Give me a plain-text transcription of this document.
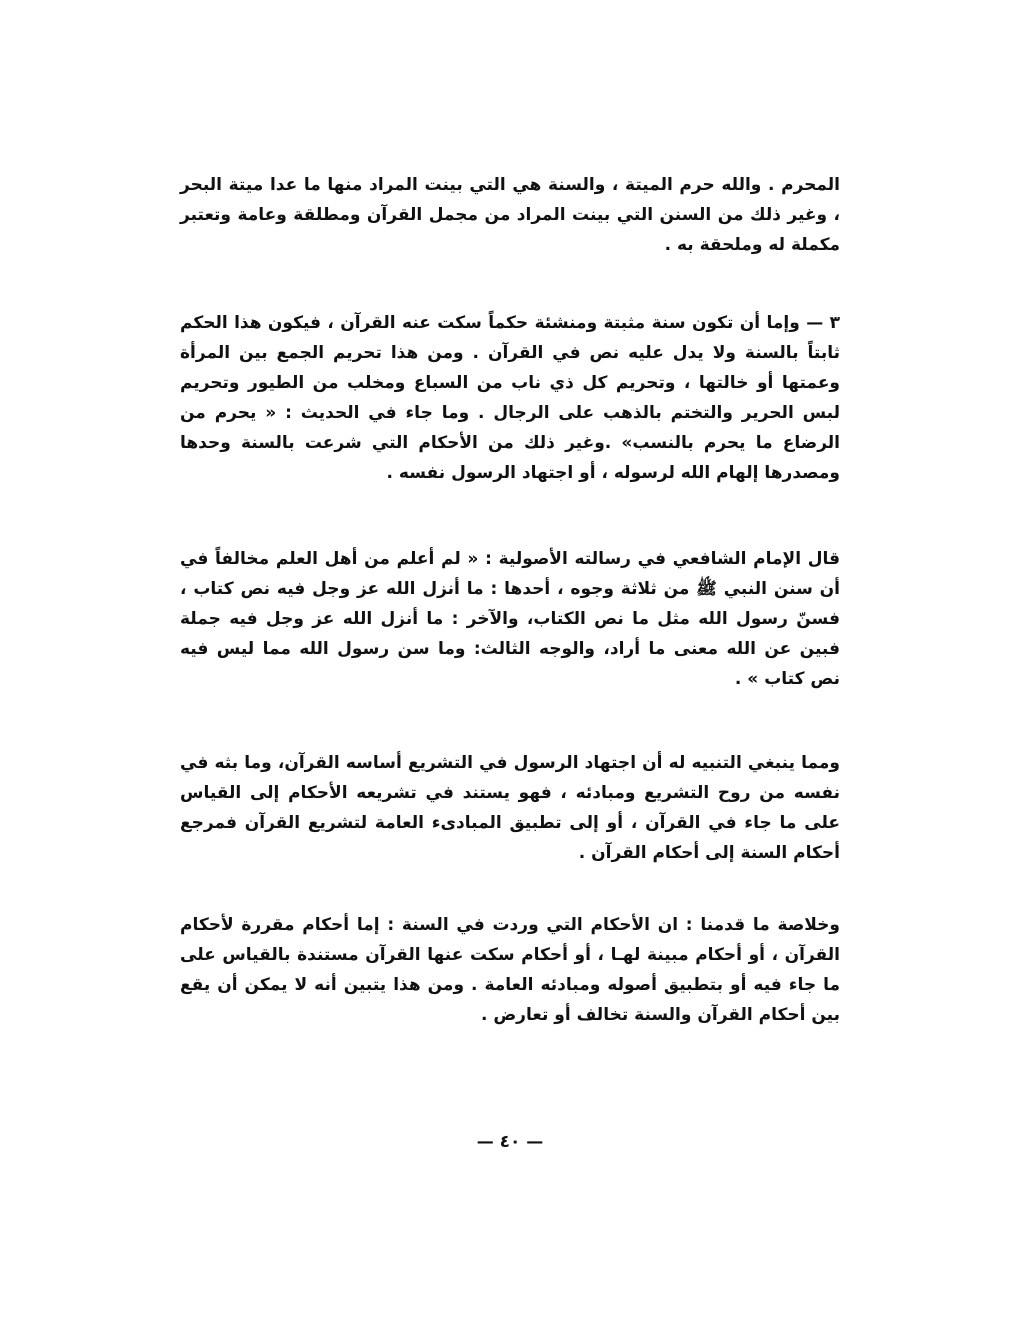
المحرم . والله حرم الميتة ، والسنة هي التي بينت المراد منها ما عدا ميتة البحر ، وغير ذلك من السنن التي بينت المراد من مجمل القرآن ومطلقة وعامة وتعتبر مكملة له وملحقة به .

٣ — وإما أن تكون سنة مثبتة ومنشئة حكماً سكت عنه القرآن ، فيكون هذا الحكم ثابتاً بالسنة ولا يدل عليه نص في القرآن . ومن هذا تحريم الجمع بين المرأة وعمتها أو خالتها ، وتحريم كل ذي ناب من السباع ومخلب من الطيور وتحريم لبس الحرير والتختم بالذهب على الرجال . وما جاء في الحديث : « يحرم من الرضاع ما يحرم بالنسب» .وغير ذلك من الأحكام التي شرعت بالسنة وحدها ومصدرها إلهام الله لرسوله ، أو اجتهاد الرسول نفسه .

قال الإمام الشافعي في رسالته الأصولية : « لم أعلم من أهل العلم مخالفاً في أن سنن النبي ﷺ من ثلاثة وجوه ، أحدها : ما أنزل الله عز وجل فيه نص كتاب ، فسنّ رسول الله مثل ما نص الكتاب، والآخر : ما أنزل الله عز وجل فيه جملة فبين عن الله معنى ما أراد، والوجه الثالث: وما سن رسول الله مما ليس فيه نص كتاب » .

ومما ينبغي التنبيه له أن اجتهاد الرسول في التشريع أساسه القرآن، وما بثه في نفسه من روح التشريع ومبادئه ، فهو يستند في تشريعه الأحكام إلى القياس على ما جاء في القرآن ، أو إلى تطبيق المبادىء العامة لتشريع القرآن فمرجع أحكام السنة إلى أحكام القرآن .

وخلاصة ما قدمنا : ان الأحكام التي وردت في السنة : إما أحكام مقررة لأحكام القرآن ، أو أحكام مبينة لهـا ، أو أحكام سكت عنها القرآن مستندة بالقياس على ما جاء فيه أو بتطبيق أصوله ومبادئه العامة . ومن هذا يتبين أنه لا يمكن أن يقع بين أحكام القرآن والسنة تخالف أو تعارض .

— ٤٠ —
